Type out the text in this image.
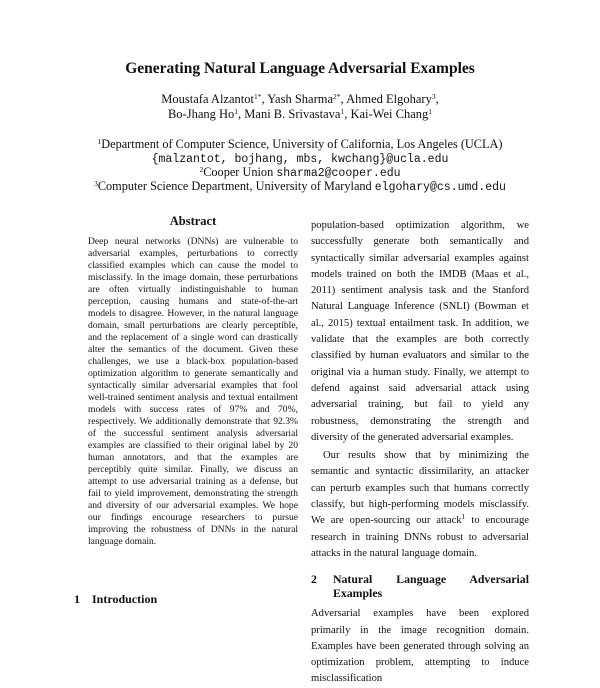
Generating Natural Language Adversarial Examples
Moustafa Alzantot$^{1*}$, Yash Sharma$^{2*}$, Ahmed Elgohary$^3$,
Bo-Jhang Ho$^1$, Mani B. Srivastava$^1$, Kai-Wei Chang$^1$
$^1$Department of Computer Science, University of California, Los Angeles (UCLA)
{malzantot, bojhang, mbs, kwchang}@ucla.edu
$^2$Cooper Union sharma2@cooper.edu
$^3$Computer Science Department, University of Maryland elgohary@cs.umd.edu
Abstract
Deep neural networks (DNNs) are vulnerable to adversarial examples, perturbations to correctly classified examples which can cause the model to misclassify. In the image domain, these perturbations are often virtually indistinguishable to human perception, causing humans and state-of-the-art models to disagree. However, in the natural language domain, small perturbations are clearly perceptible, and the replacement of a single word can drastically alter the semantics of the document. Given these challenges, we use a black-box population-based optimization algorithm to generate semantically and syntactically similar adversarial examples that fool well-trained sentiment analysis and textual entailment models with success rates of 97% and 70%, respectively. We additionally demonstrate that 92.3% of the successful sentiment analysis adversarial examples are classified to their original label by 20 human annotators, and that the examples are perceptibly quite similar. Finally, we discuss an attempt to use adversarial training as a defense, but fail to yield improvement, demonstrating the strength and diversity of our adversarial examples. We hope our findings encourage researchers to pursue improving the robustness of DNNs in the natural language domain.
1 Introduction

population-based optimization algorithm, we successfully generate both semantically and syntactically similar adversarial examples against models trained on both the IMDB (Maas et al., 2011) sentiment analysis task and the Stanford Natural Language Inference (SNLI) (Bowman et al., 2015) textual entailment task. In addition, we validate that the examples are both correctly classified by human evaluators and similar to the original via a human study. Finally, we attempt to defend against said adversarial attack using adversarial training, but fail to yield any robustness, demonstrating the strength and diversity of the generated adversarial examples.

Our results show that by minimizing the semantic and syntactic dissimilarity, an attacker can perturb examples such that humans correctly classify, but high-performing models misclassify. We are open-sourcing our attack$^1$ to encourage research in training DNNs robust to adversarial attacks in the natural language domain.

2	Natural Language Adversarial Examples

Adversarial examples have been explored primarily in the image recognition domain. Examples have been generated through solving an optimization problem, attempting to induce misclassification
